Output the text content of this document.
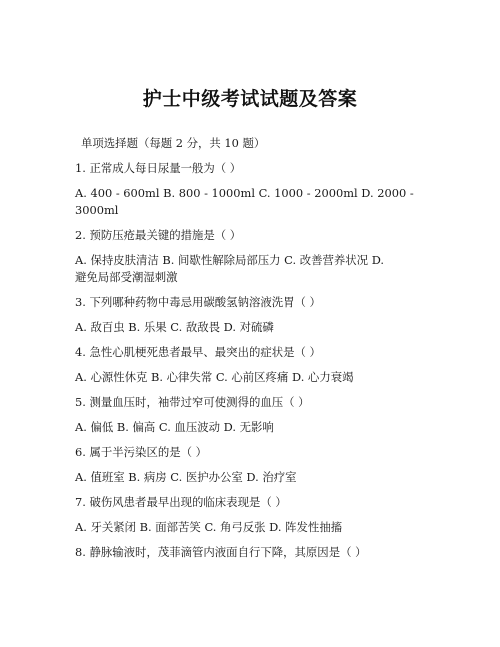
护士中级考试试题及答案
单项选择题（每题 2 分，共 10 题）
1. 正常成人每日尿量一般为（ ）
A. 400 - 600ml B. 800 - 1000ml C. 1000 - 2000ml D. 2000 -
3000ml
2. 预防压疮最关键的措施是（ ）
A. 保持皮肤清洁 B. 间歇性解除局部压力 C. 改善营养状况 D.
避免局部受潮湿刺激
3. 下列哪种药物中毒忌用碳酸氢钠溶液洗胃（ ）
A. 敌百虫 B. 乐果 C. 敌敌畏 D. 对硫磷
4. 急性心肌梗死患者最早、最突出的症状是（ ）
A. 心源性休克 B. 心律失常 C. 心前区疼痛 D. 心力衰竭
5. 测量血压时，袖带过窄可使测得的血压（ ）
A. 偏低 B. 偏高 C. 血压波动 D. 无影响
6. 属于半污染区的是（ ）
A. 值班室 B. 病房 C. 医护办公室 D. 治疗室
7. 破伤风患者最早出现的临床表现是（ ）
A. 牙关紧闭 B. 面部苦笑 C. 角弓反张 D. 阵发性抽搐
8. 静脉输液时，茂菲滴管内液面自行下降，其原因是（ ）
